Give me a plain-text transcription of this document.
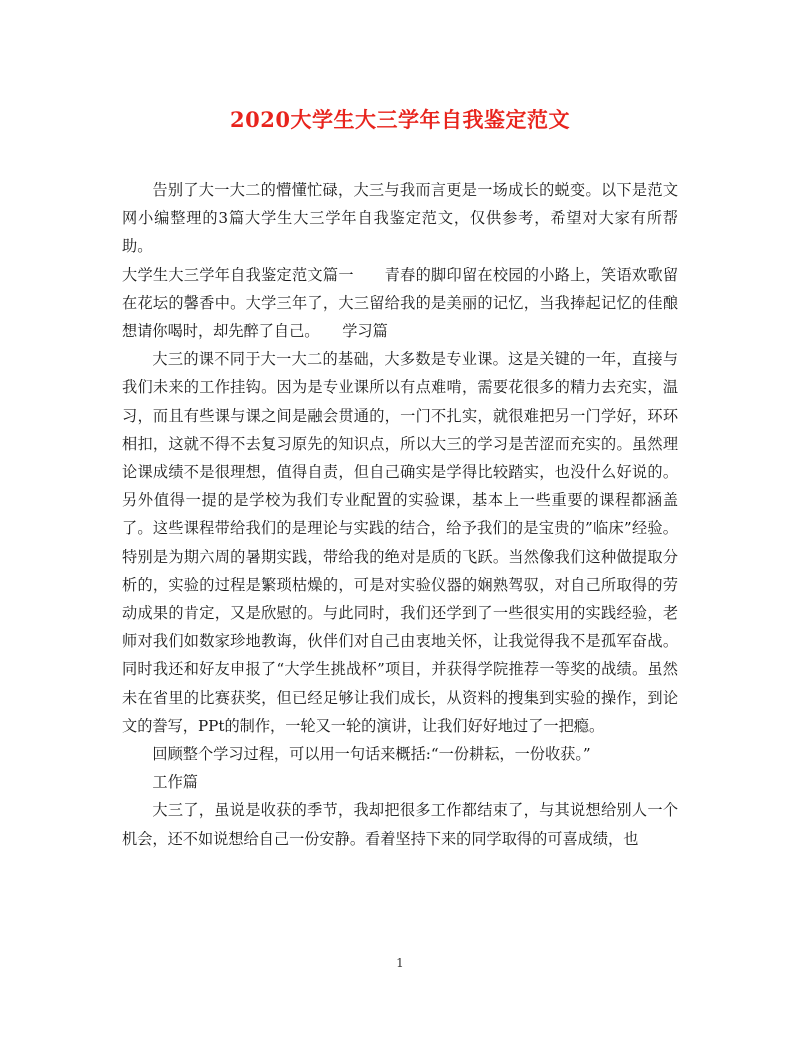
2020大学生大三学年自我鉴定范文

告别了大一大二的懵懂忙碌，大三与我而言更是一场成长的蜕变。以下是范文网小编整理的3篇大学生大三学年自我鉴定范文，仅供参考，希望对大家有所帮助。

大学生大三学年自我鉴定范文篇一　　青春的脚印留在校园的小路上，笑语欢歌留在花坛的馨香中。大学三年了，大三留给我的是美丽的记忆，当我捧起记忆的佳酿想请你喝时，却先醉了自己。　　学习篇

大三的课不同于大一大二的基础，大多数是专业课。这是关键的一年，直接与我们未来的工作挂钩。因为是专业课所以有点难啃，需要花很多的精力去充实，温习，而且有些课与课之间是融会贯通的，一门不扎实，就很难把另一门学好，环环相扣，这就不得不去复习原先的知识点，所以大三的学习是苦涩而充实的。虽然理论课成绩不是很理想，值得自责，但自己确实是学得比较踏实，也没什么好说的。另外值得一提的是学校为我们专业配置的实验课，基本上一些重要的课程都涵盖了。这些课程带给我们的是理论与实践的结合，给予我们的是宝贵的”临床”经验。特别是为期六周的暑期实践，带给我的绝对是质的飞跃。当然像我们这种做提取分析的，实验的过程是繁琐枯燥的，可是对实验仪器的娴熟驾驭，对自己所取得的劳动成果的肯定，又是欣慰的。与此同时，我们还学到了一些很实用的实践经验，老师对我们如数家珍地教诲，伙伴们对自己由衷地关怀，让我觉得我不是孤军奋战。同时我还和好友申报了“大学生挑战杯”项目，并获得学院推荐一等奖的战绩。虽然未在省里的比赛获奖，但已经足够让我们成长，从资料的搜集到实验的操作，到论文的誊写，PPt的制作，一轮又一轮的演讲，让我们好好地过了一把瘾。

回顾整个学习过程，可以用一句话来概括:“一份耕耘，一份收获。”

工作篇

大三了，虽说是收获的季节，我却把很多工作都结束了，与其说想给别人一个机会，还不如说想给自己一份安静。看着坚持下来的同学取得的可喜成绩，也

1
